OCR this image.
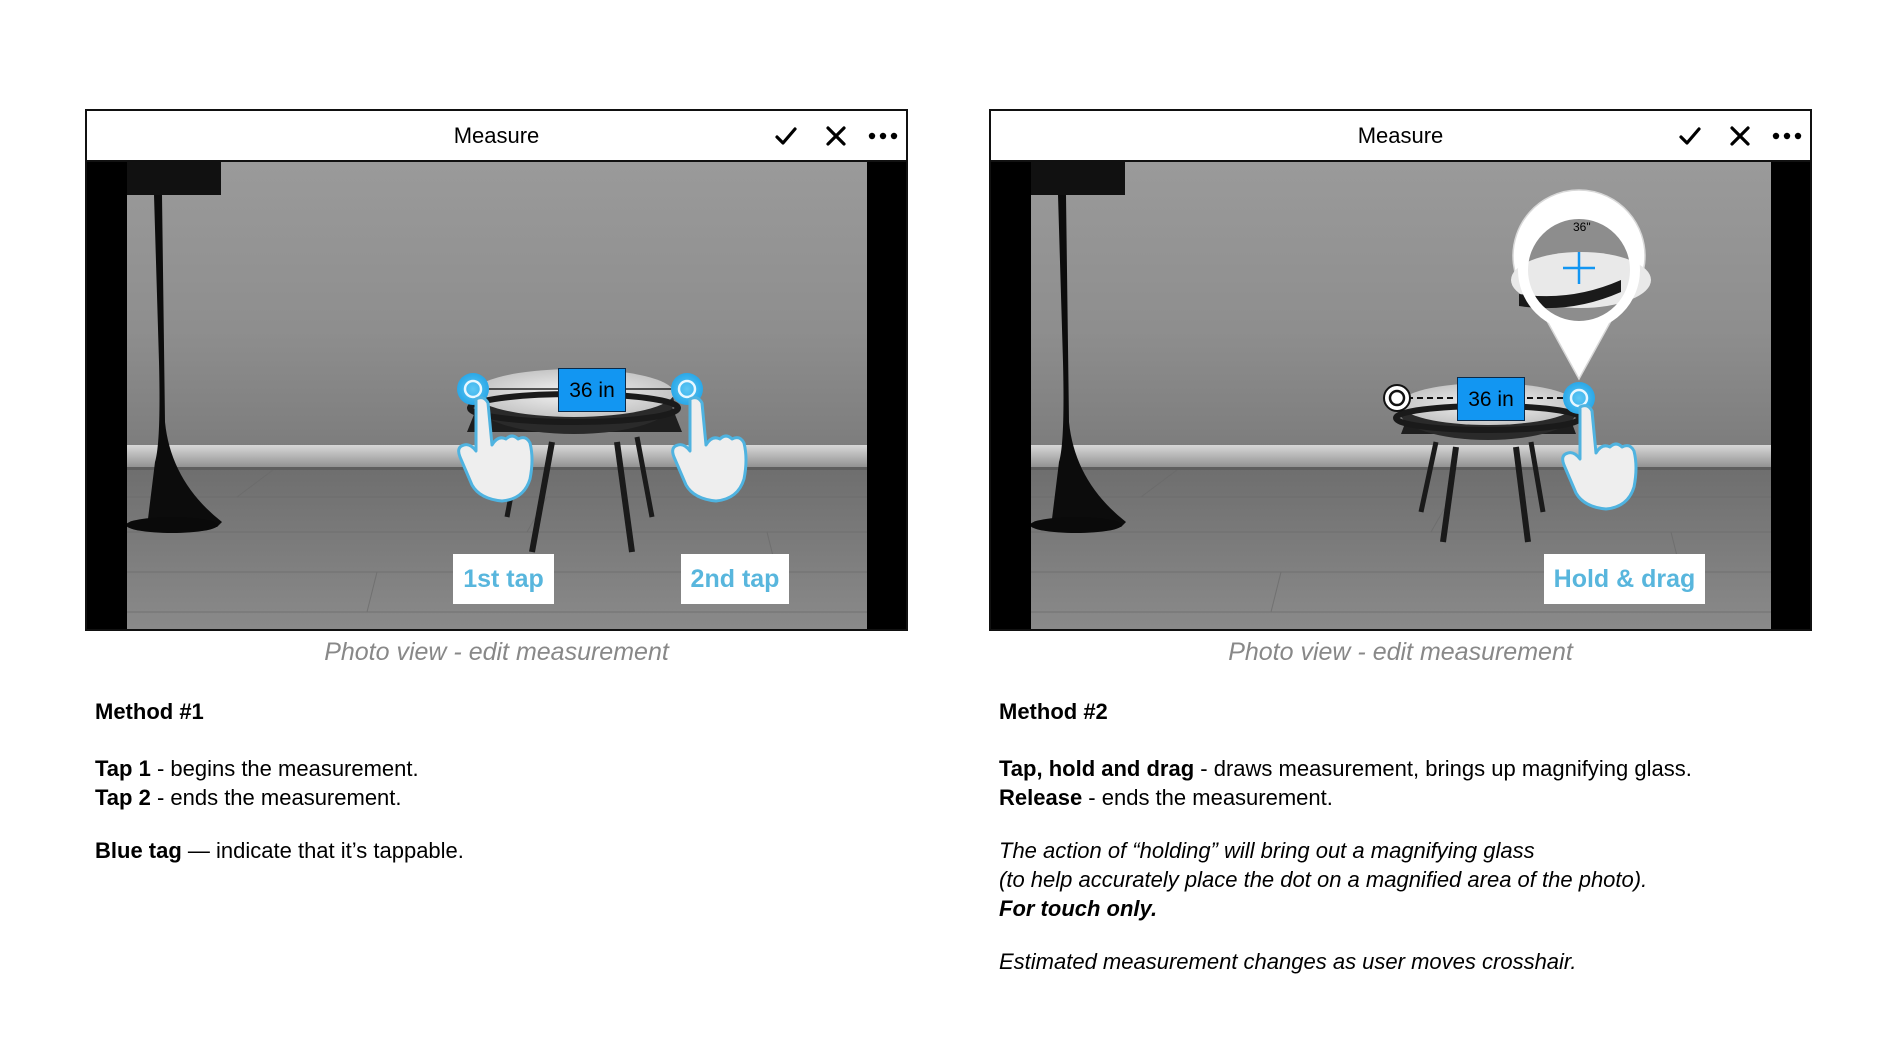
Measure
36 in
1st tap	2nd tap
Photo view - edit measurement
Measure
36"
36 in
Hold & drag
Photo view - edit measurement

Method #1

Tap 1 - begins the measurement.

Tap 2 - ends the measurement.

Blue tag — indicate that it’s tappable.

Method #2

Tap, hold and drag - draws measurement, brings up magnifying glass.

Release - ends the measurement.

The action of “holding” will bring out a magnifying glass

(to help accurately place the dot on a magnified area of the photo).

For touch only.

Estimated measurement changes as user moves crosshair.
